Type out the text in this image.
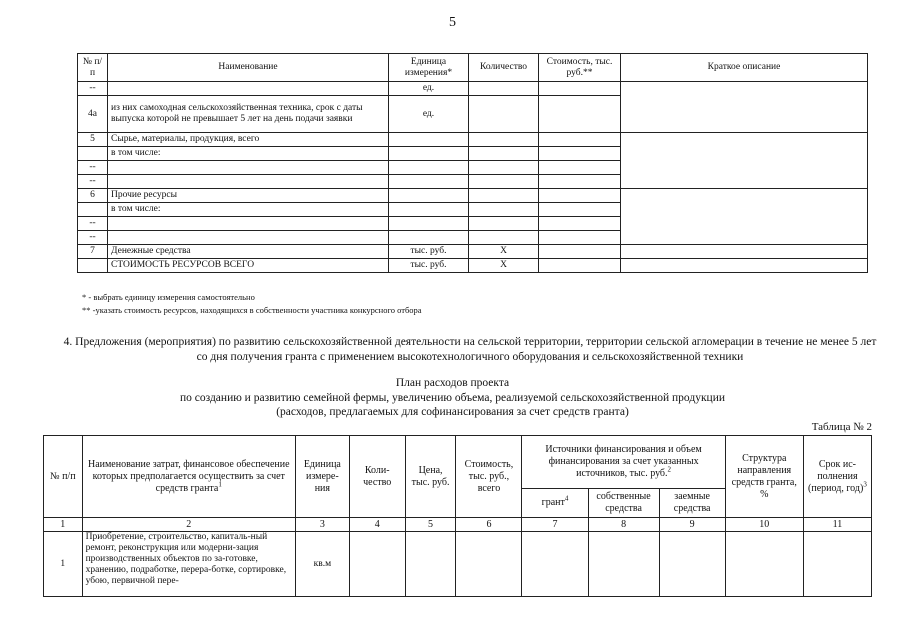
5
№ п/п	Наименование	Единица измерения*	Количество	Стоимость, тыс. руб.**	Краткое описание
--		ед.			
4а	из них самоходная сельскохозяйственная техника, срок с даты выпуска которой не превышает 5 лет на день подачи заявки	ед.			
5	Сырье, материалы, продукция, всего				
	в том числе:				
--					
--					
6	Прочие ресурсы				
	в том числе:				
--					
--					
7	Денежные средства	тыс. руб.	X		
	СТОИМОСТЬ РЕСУРСОВ ВСЕГО	тыс. руб.	X		
* - выбрать единицу измерения самостоятельно
** -указать стоимость ресурсов, находящихся в собственности участника конкурсного отбора
4. Предложения (мероприятия) по развитию сельскохозяйственной деятельности на сельской территории, территории сельской агломерации в течение не менее 5 лет со дня получения гранта с применением высокотехнологичного оборудования и сельскохозяйственной техники
План расходов проекта
по созданию и развитию семейной фермы, увеличению объема, реализуемой сельскохозяйственной продукции
(расходов, предлагаемых для софинансирования за счет средств гранта)
Таблица № 2
№ п/п	Наименование затрат, финансовое обеспечение которых предполагается осуществить за счет средств гранта$^1$	Единица измере-ния	Коли-чество	Цена, тыс. руб.	Стоимость, тыс. руб., всего	Источники финансирования и объем финансирования за счет указанных источников, тыс. руб.$^2$			Структура направления средств гранта, %	Срок ис-полнения (период, год)$^3$
						грант$^4$	собственные средства	заемные средства		
1	2	3	4	5	6	7	8	9	10	11
1	Приобретение, строительство, капиталь-ный ремонт, реконструкция или модерни-зация производственных объектов по за-готовке, хранению, подработке, перера-ботке, сортировке, убою, первичной пере-	кв.м								
